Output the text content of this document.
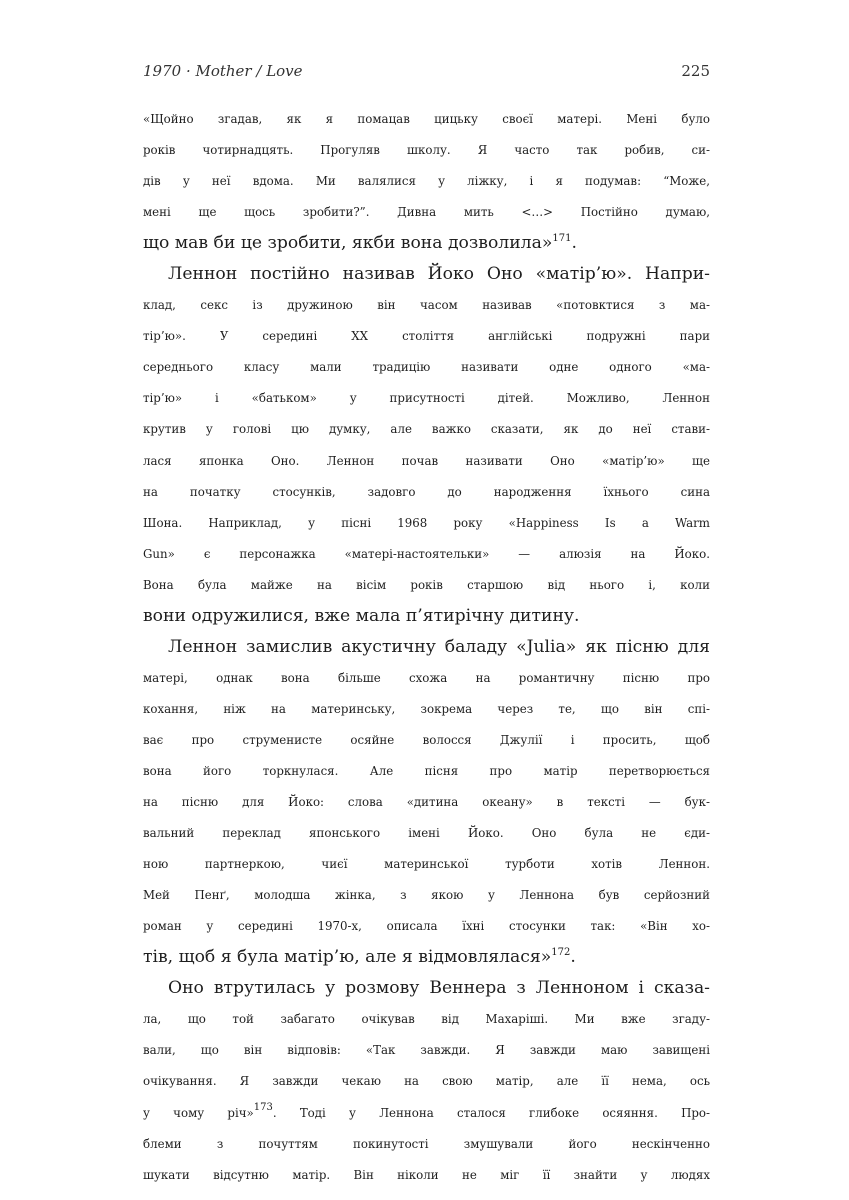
1970 · Mother / Love	225
«Щойно згадав, як я помацав цицьку своєї матері. Мені було
років чотирнадцять. Прогуляв школу. Я часто так робив, си-
дів у неї вдома. Ми валялися у ліжку, і я подумав: “Може,
мені ще щось зробити?”. Дивна мить <…> Постійно думаю,
що мав би це зробити, якби вона дозволила»$^{171}$.
Леннон постійно називав Йоко Оно «матір’ю». Напри-
клад, секс із дружиною він часом називав «потовктися з ма-
тір’ю». У середині XX століття англійські подружні пари
середнього класу мали традицію називати одне одного «ма-
тір’ю» і «батьком» у присутності дітей. Можливо, Леннон
крутив у голові цю думку, але важко сказати, як до неї стави-
лася японка Оно. Леннон почав називати Оно «матір’ю» ще
на початку стосунків, задовго до народження їхнього сина
Шона. Наприклад, у пісні 1968 року «Happiness Is a Warm
Gun» є персонажка «матері-настоятельки» — алюзія на Йоко.
Вона була майже на вісім років старшою від нього і, коли
вони одружилися, вже мала п’ятирічну дитину.
Леннон замислив акустичну баладу «Julia» як пісню для
матері, однак вона більше схожа на романтичну пісню про
кохання, ніж на материнську, зокрема через те, що він спі-
ває про струменисте осяйне волосся Джулії і просить, щоб
вона його торкнулася. Але пісня про матір перетворюється
на пісню для Йоко: слова «дитина океану» в тексті — бук-
вальний переклад японського імені Йоко. Оно була не єди-
ною партнеркою, чиєї материнської турботи хотів Леннон.
Мей Пенґ, молодша жінка, з якою у Леннона був серйозний
роман у середині 1970-х, описала їхні стосунки так: «Він хо-
тів, щоб я була матір’ю, але я відмовлялася»$^{172}$.
Оно втрутилась у розмову Веннера з Ленноном і сказа-
ла, що той забагато очікував від Махаріші. Ми вже згаду-
вали, що він відповів: «Так завжди. Я завжди маю завищені
очікування. Я завжди чекаю на свою матір, але її нема, ось
у чому річ»$^{173}$. Тоді у Леннона сталося глибоке осяяння. Про-
блеми з почуттям покинутості змушували його нескінченно
шукати відсутню матір. Він ніколи не міг її знайти у людях
